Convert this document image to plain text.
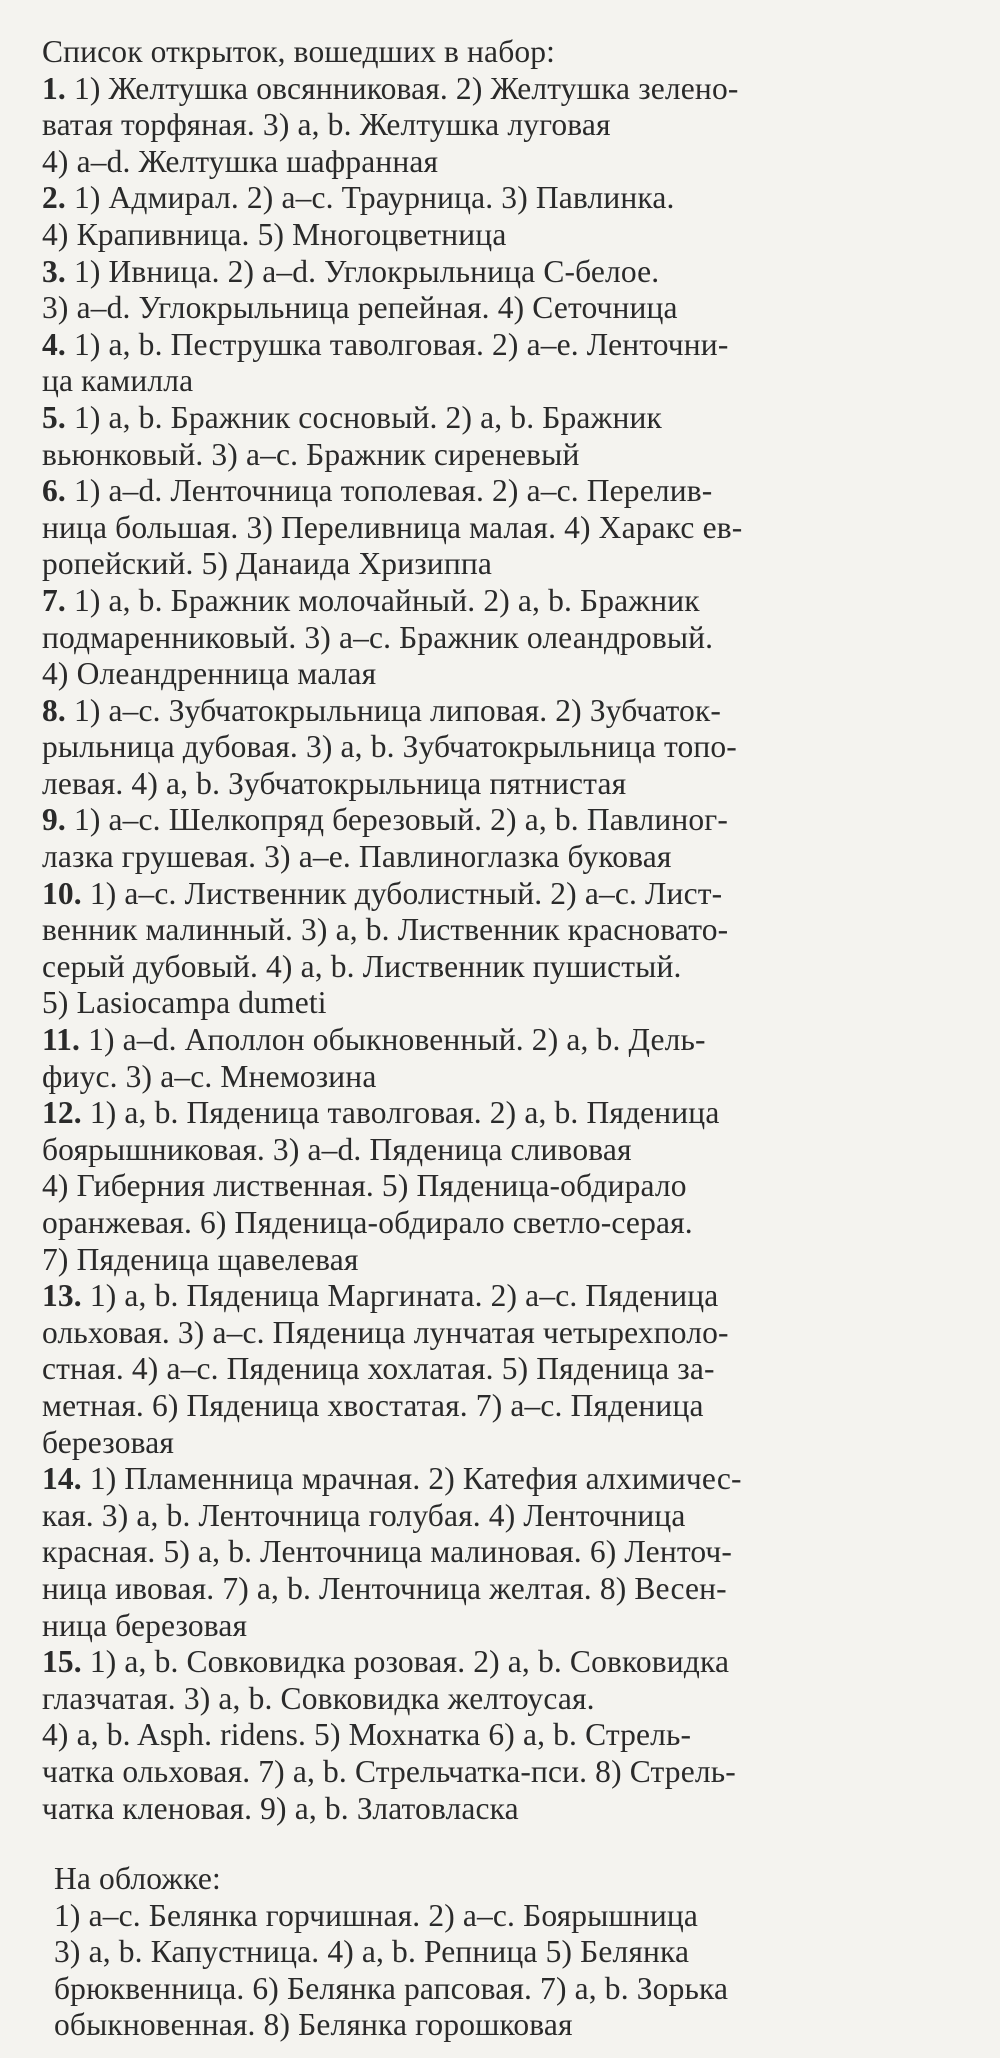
Список открыток, вошедших в набор:
1. 1) Желтушка овсянниковая. 2) Желтушка зелено-
ватая торфяная. 3) a, b. Желтушка луговая
4) a–d. Желтушка шафранная
2. 1) Адмирал. 2) a–c. Траурница. 3) Павлинка.
4) Крапивница. 5) Многоцветница
3. 1) Ивница. 2) a–d. Углокрыльница С-белое.
3) a–d. Углокрыльница репейная. 4) Сеточница
4. 1) a, b. Пеструшка таволговая. 2) a–e. Ленточни-
ца камилла
5. 1) a, b. Бражник сосновый. 2) a, b. Бражник
вьюнковый. 3) a–c. Бражник сиреневый
6. 1) a–d. Ленточница тополевая. 2) a–c. Перелив-
ница большая. 3) Переливница малая. 4) Харакс ев-
ропейский. 5) Данаида Хризиппа
7. 1) a, b. Бражник молочайный. 2) a, b. Бражник
подмаренниковый. 3) a–c. Бражник олеандровый.
4) Олеандренница малая
8. 1) a–c. Зубчатокрыльница липовая. 2) Зубчаток-
рыльница дубовая. 3) a, b. Зубчатокрыльница топо-
левая. 4) a, b. Зубчатокрыльница пятнистая
9. 1) a–c. Шелкопряд березовый. 2) a, b. Павлиног-
лазка грушевая. 3) a–e. Павлиноглазка буковая
10. 1) a–c. Лиственник дуболистный. 2) a–c. Лист-
венник малинный. 3) a, b. Лиственник красновато-
серый дубовый. 4) a, b. Лиственник пушистый.
5) Lasiocampa dumeti
11. 1) a–d. Аполлон обыкновенный. 2) a, b. Дель-
фиус. 3) a–c. Мнемозина
12. 1) a, b. Пяденица таволговая. 2) a, b. Пяденица
боярышниковая. 3) a–d. Пяденица сливовая
4) Гиберния лиственная. 5) Пяденица-обдирало
оранжевая. 6) Пяденица-обдирало светло-серая.
7) Пяденица щавелевая
13. 1) a, b. Пяденица Маргината. 2) a–c. Пяденица
ольховая. 3) a–c. Пяденица лунчатая четырехполо-
стная. 4) a–c. Пяденица хохлатая. 5) Пяденица за-
метная. 6) Пяденица хвостатая. 7) a–c. Пяденица
березовая
14. 1) Пламенница мрачная. 2) Катефия алхимичес-
кая. 3) a, b. Ленточница голубая. 4) Ленточница
красная. 5) a, b. Ленточница малиновая. 6) Ленточ-
ница ивовая. 7) a, b. Ленточница желтая. 8) Весен-
ница березовая
15. 1) a, b. Совковидка розовая. 2) a, b. Совковидка
глазчатая. 3) a, b. Совковидка желтоусая.
4) a, b. Asph. ridens. 5) Мохнатка 6) a, b. Стрель-
чатка ольховая. 7) a, b. Стрельчатка-пси. 8) Стрель-
чатка кленовая. 9) a, b. Златовласка
На обложке:
1) a–c. Белянка горчишная. 2) a–c. Боярышница
3) a, b. Капустница. 4) a, b. Репница 5) Белянка
брюквенница. 6) Белянка рапсовая. 7) a, b. Зорька
обыкновенная. 8) Белянка горошковая
